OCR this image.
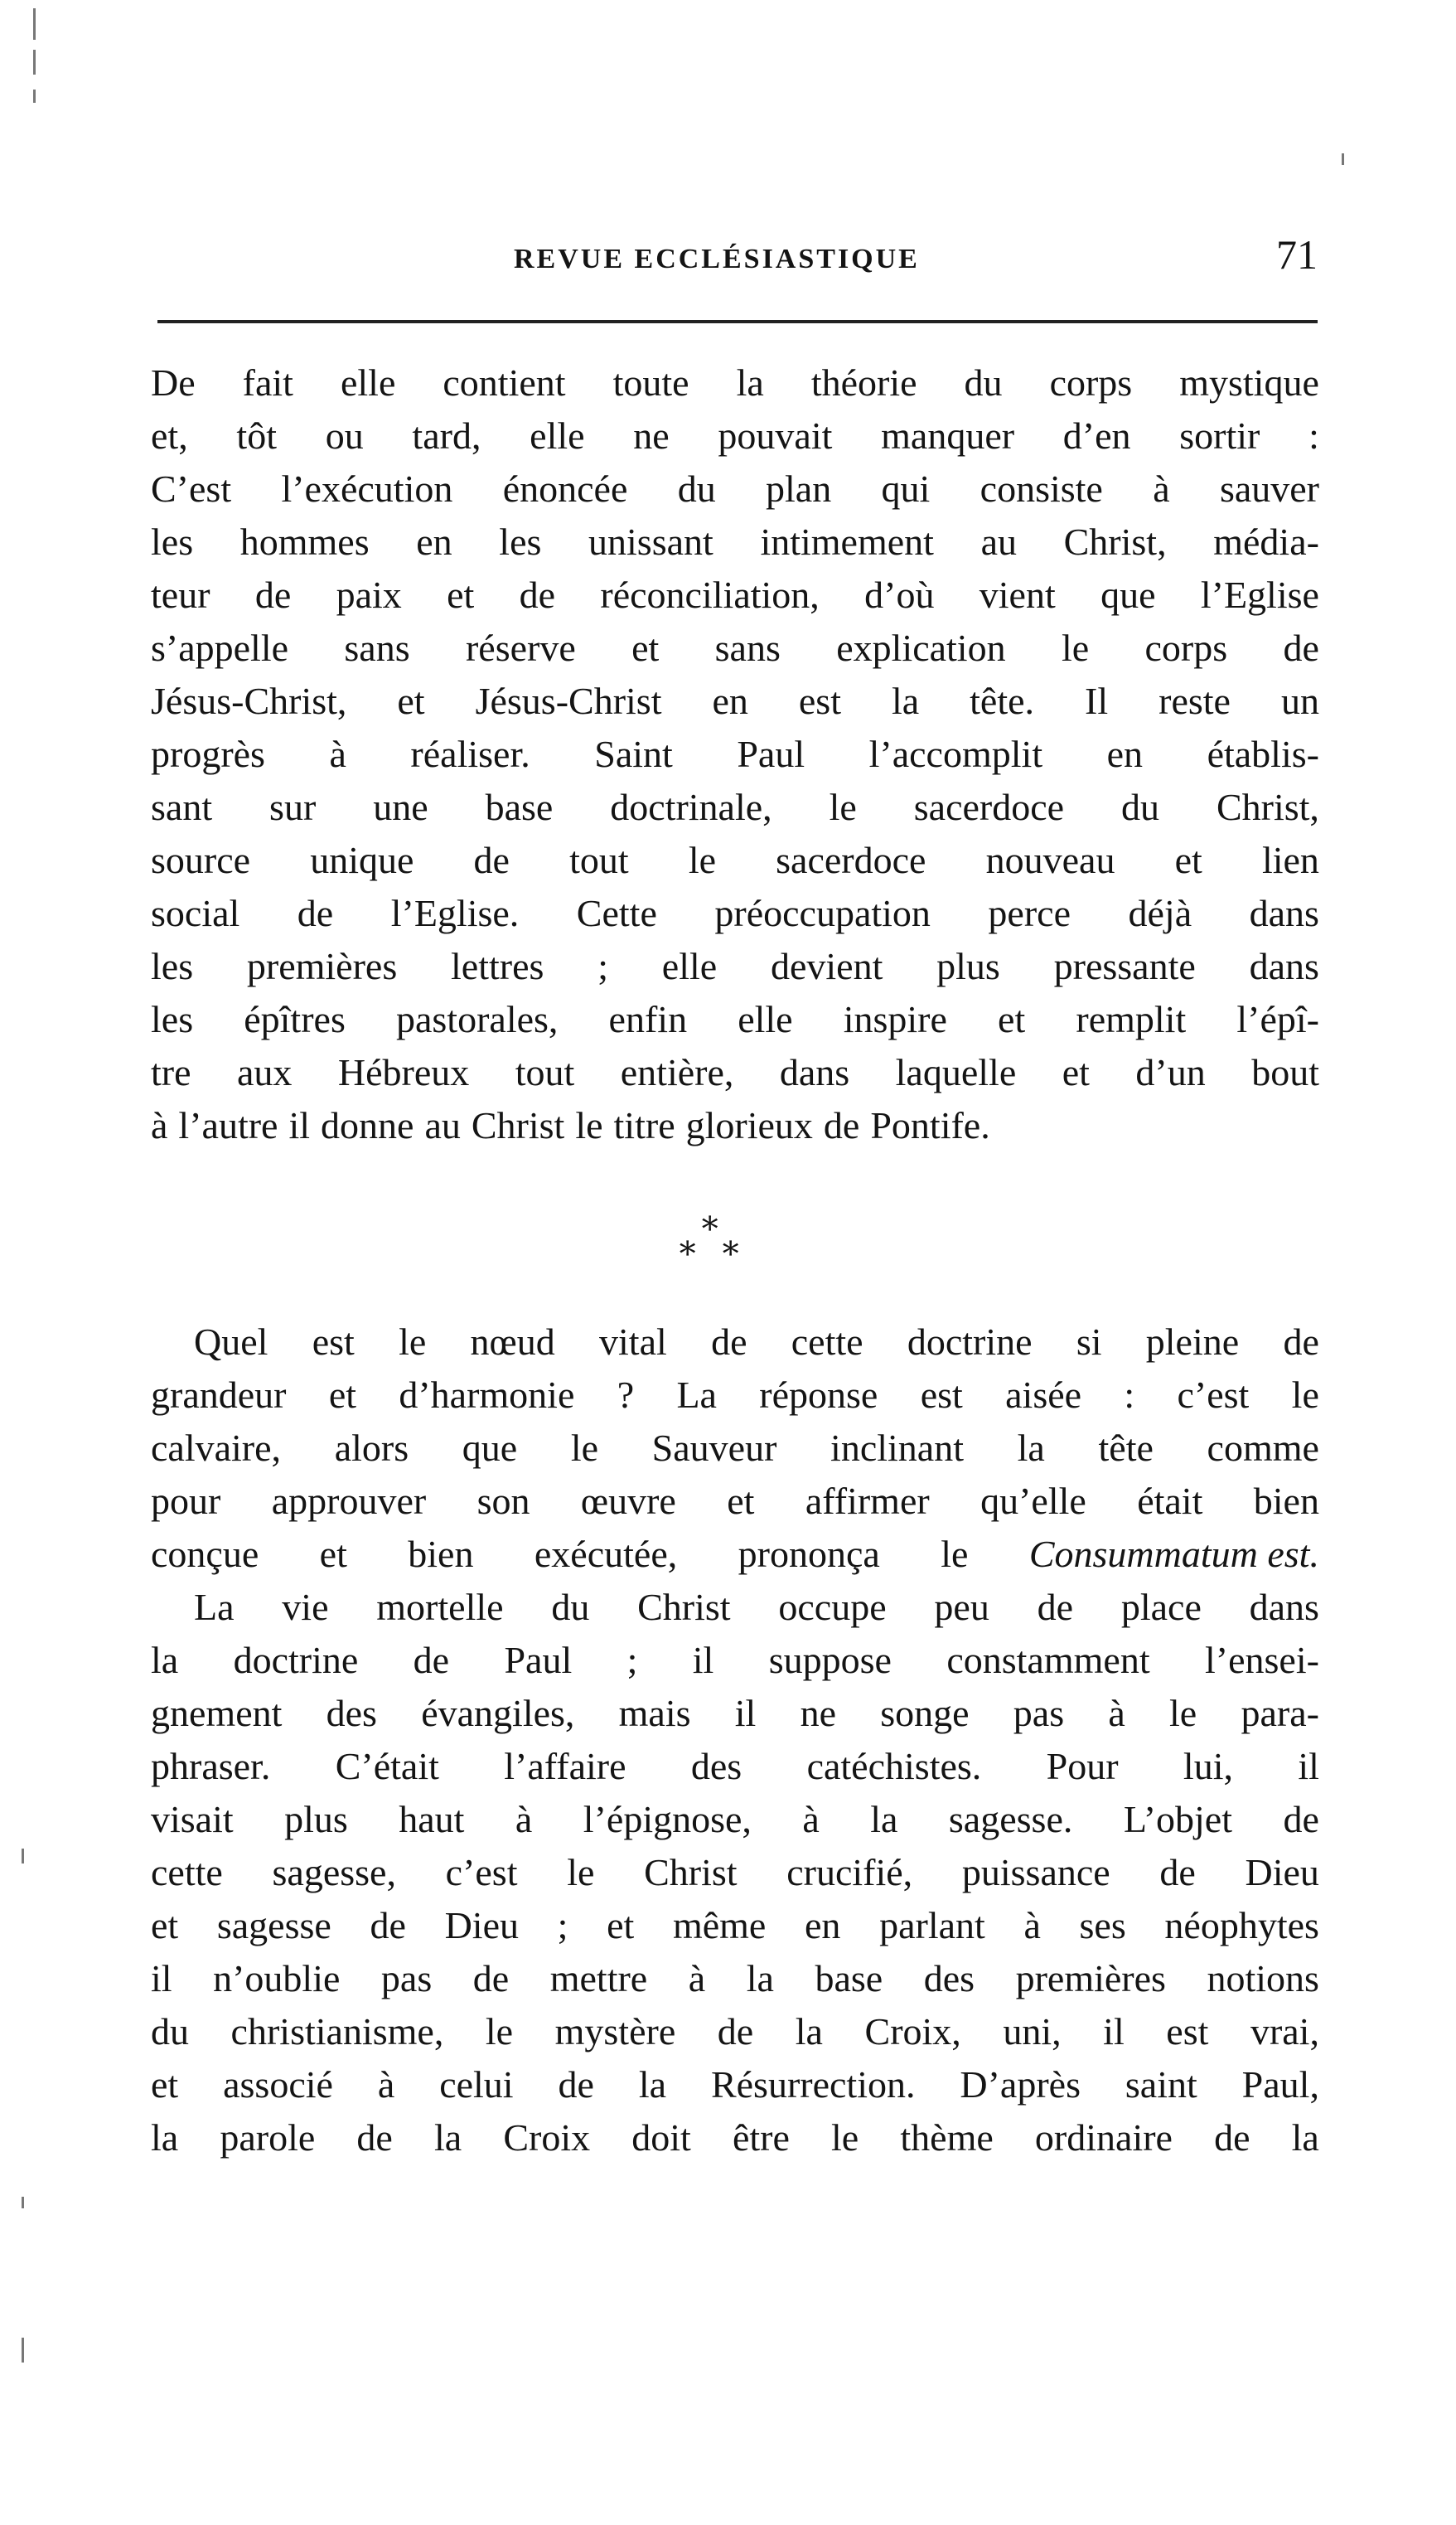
REVUE ECCLÉSIASTIQUE	71
De fait elle contient toute la théorie du corps mystique
et, tôt ou tard, elle ne pouvait manquer d’en sortir :
C’est l’exécution énoncée du plan qui consiste à sauver
les hommes en les unissant intimement au Christ, média-
teur de paix et de réconciliation, d’où vient que l’Eglise
s’appelle sans réserve et sans explication le corps de
Jésus-Christ, et Jésus-Christ en est la tête. Il reste un
progrès à réaliser. Saint Paul l’accomplit en établis-
sant sur une base doctrinale, le sacerdoce du Christ,
source unique de tout le sacerdoce nouveau et lien
social de l’Eglise. Cette préoccupation perce déjà dans
les premières lettres ; elle devient plus pressante dans
les épîtres pastorales, enfin elle inspire et remplit l’épî-
tre aux Hébreux tout entière, dans laquelle et d’un bout
à l’autre il donne au Christ le titre glorieux de Pontife.
∗
∗ ∗
Quel est le nœud vital de cette doctrine si pleine de
grandeur et d’harmonie ? La réponse est aisée : c’est le
calvaire, alors que le Sauveur inclinant la tête comme
pour approuver son œuvre et affirmer qu’elle était bien
conçue et bien exécutée, prononça le Consummatum est.
La vie mortelle du Christ occupe peu de place dans
la doctrine de Paul ; il suppose constamment l’ensei-
gnement des évangiles, mais il ne songe pas à le para-
phraser. C’était l’affaire des catéchistes. Pour lui, il
visait plus haut à l’épignose, à la sagesse. L’objet de
cette sagesse, c’est le Christ crucifié, puissance de Dieu
et sagesse de Dieu ; et même en parlant à ses néophytes
il n’oublie pas de mettre à la base des premières notions
du christianisme, le mystère de la Croix, uni, il est vrai,
et associé à celui de la Résurrection. D’après saint Paul,
la parole de la Croix doit être le thème ordinaire de la
